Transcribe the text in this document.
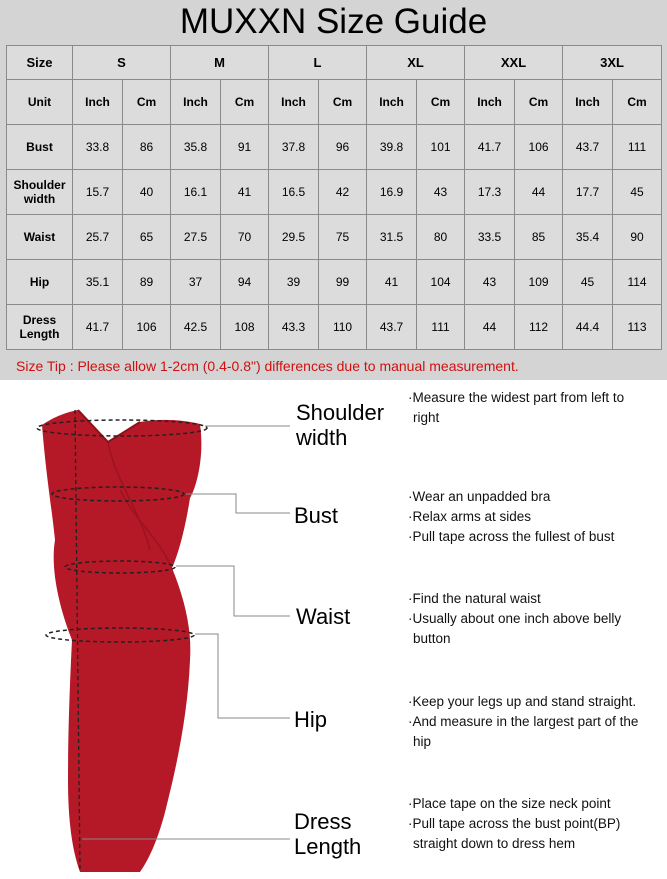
MUXXN Size Guide
Size	S		M		L		XL		XXL		3XL	
Unit	Inch	Cm	Inch	Cm	Inch	Cm	Inch	Cm	Inch	Cm	Inch	Cm
Bust	33.8	86	35.8	91	37.8	96	39.8	101	41.7	106	43.7	111
Shoulder width	15.7	40	16.1	41	16.5	42	16.9	43	17.3	44	17.7	45
Waist	25.7	65	27.5	70	29.5	75	31.5	80	33.5	85	35.4	90
Hip	35.1	89	37	94	39	99	41	104	43	109	45	114
Dress Length	41.7	106	42.5	108	43.3	110	43.7	111	44	112	44.4	113
Size Tip : Please allow 1-2cm (0.4-0.8") differences due to manual measurement.
Shoulder
width
Bust
Waist
Hip
Dress
Length
·Measure the widest part from left to
right
·Wear an unpadded bra
·Relax arms at sides
·Pull tape across the fullest of bust
·Find the natural waist
·Usually about one inch above belly
button
·Keep your legs up and stand straight.
·And measure in the largest part of the
hip
·Place tape on the size neck point
·Pull tape across the bust point(BP)
straight down to dress hem
